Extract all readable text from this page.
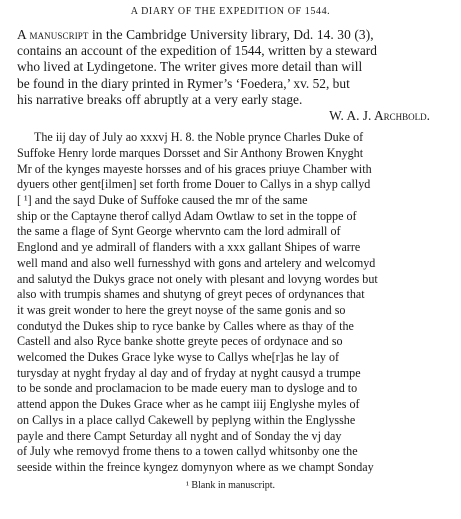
A DIARY OF THE EXPEDITION OF 1544.
A manuscript in the Cambridge University library, Dd. 14. 30 (3),
contains an account of the expedition of 1544, written by a steward
who lived at Lydingetone. The writer gives more detail than will
be found in the diary printed in Rymer’s ‘Foedera,’ xv. 52, but
his narrative breaks off abruptly at a very early stage.
W. A. J. Archbold.
The iij day of July ao xxxvj H. 8. the Noble prynce Charles Duke of
Suffoke Henry lorde marques Dorsset and Sir Anthony Browen Knyght
Mr of the kynges mayeste horsses and of his graces priuye Chamber with
dyuers other gent[ilmen] set forth frome Douer to Callys in a shyp callyd
[ ¹] and the sayd Duke of Suffoke caused the mr of the same
ship or the Captayne therof callyd Adam Owtlaw to set in the toppe of
the same a flage of Synt George whervnto cam the lord admirall of
Englond and ye admirall of flanders with a xxx gallant Shipes of warre
well mand and also well furnesshyd with gons and artelery and welcomyd
and salutyd the Dukys grace not onely with plesant and lovyng wordes but
also with trumpis shames and shutyng of greyt peces of ordynances that
it was greit wonder to here the greyt noyse of the same gonis and so
condutyd the Dukes ship to ryce banke by Calles where as thay of the
Castell and also Ryce banke shotte greyte peces of ordynace and so
welcomed the Dukes Grace lyke wyse to Callys whe[r]as he lay of
turysday at nyght fryday al day and of fryday at nyght causyd a trumpe
to be sonde and proclamacion to be made euery man to dysloge and to
attend appon the Dukes Grace wher as he campt iiij Englyshe myles of
on Callys in a place callyd Cakewell by peplyng within the Englysshe
payle and there Campt Seturday all nyght and of Sonday the vj day
of July whe removyd frome thens to a towen callyd whitsonby one the
seeside within the freince kyngez domynyon where as we champt Sonday
¹ Blank in manuscript.
